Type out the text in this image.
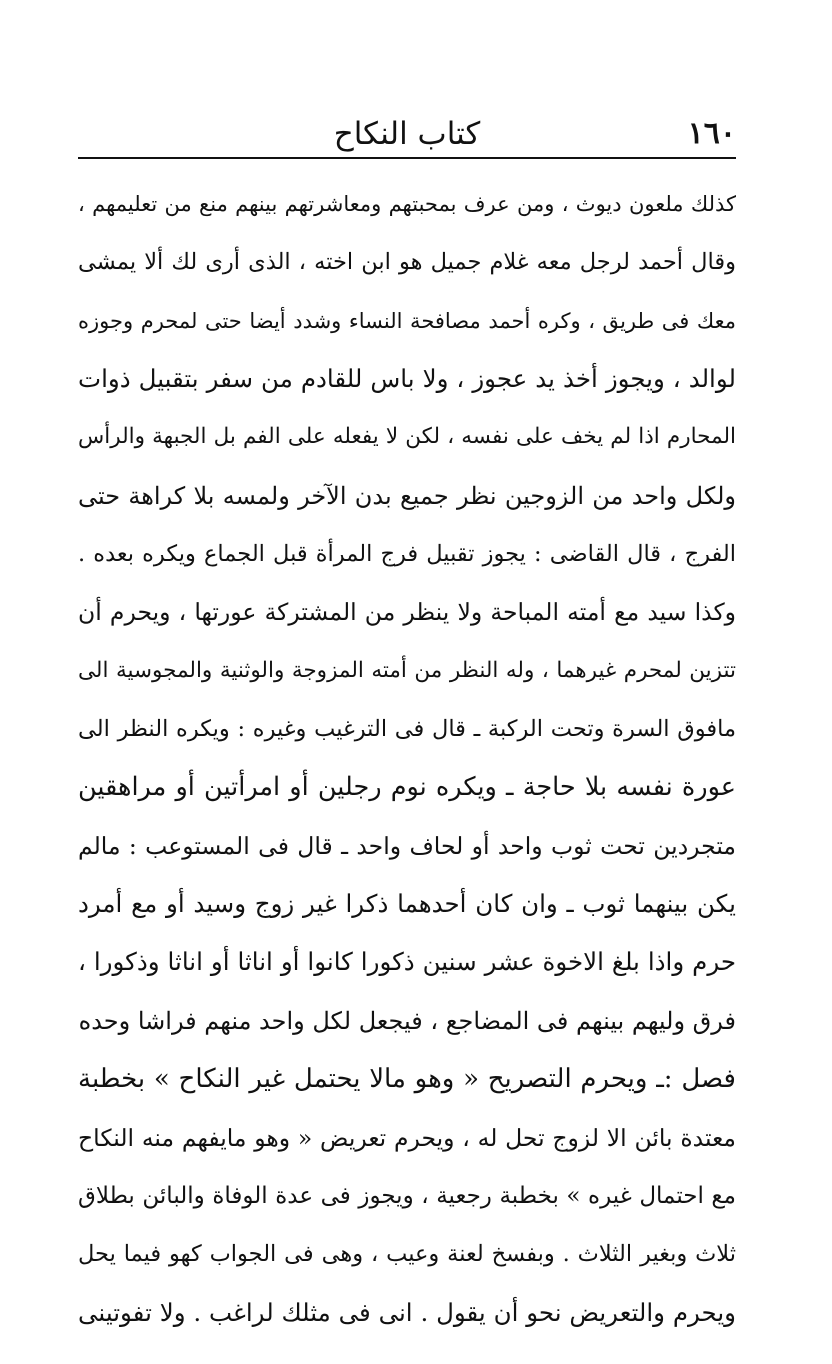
١٦٠
كتاب النكاح
كذلك ملعون ديوث ، ومن عرف بمحبتهم ومعاشرتهم بينهم منع من تعليمهم ،
وقال أحمد لرجل معه غلام جميل هو ابن اخته ، الذى أرى لك ألا يمشى
معك فى طريق ، وكره أحمد مصافحة النساء وشدد أيضا حتى لمحرم وجوزه
لوالد ، ويجوز أخذ يد عجوز ، ولا باس للقادم من سفر بتقبيل ذوات
المحارم اذا لم يخف على نفسه ، لكن لا يفعله على الفم بل الجبهة والرأس
ولكل واحد من الزوجين نظر جميع بدن الآخر ولمسه بلا كراهة حتى
الفرج ، قال القاضى : يجوز تقبيل فرج المرأة قبل الجماع ويكره بعده .
وكذا سيد مع أمته المباحة ولا ينظر من المشتركة عورتها ، ويحرم أن
تتزين لمحرم غيرهما ، وله النظر من أمته المزوجة والوثنية والمجوسية الى
مافوق السرة وتحت الركبة ـ قال فى الترغيب وغيره : ويكره النظر الى
عورة نفسه بلا حاجة ـ ويكره نوم رجلين أو امرأتين أو مراهقين
متجردين تحت ثوب واحد أو لحاف واحد ـ قال فى المستوعب : مالم
يكن بينهما ثوب ـ وان كان أحدهما ذكرا غير زوج وسيد أو مع أمرد
حرم واذا بلغ الاخوة عشر سنين ذكورا كانوا أو اناثا أو اناثا وذكورا ،
فرق وليهم بينهم فى المضاجع ، فيجعل لكل واحد منهم فراشا وحده
فصل :ـ ويحرم التصريح « وهو مالا يحتمل غير النكاح » بخطبة
معتدة بائن الا لزوج تحل له ، ويحرم تعريض « وهو مايفهم منه النكاح
مع احتمال غيره » بخطبة رجعية ، ويجوز فى عدة الوفاة والبائن بطلاق
ثلاث وبغير الثلاث . وبفسخ لعنة وعيب ، وهى فى الجواب كهو فيما يحل
ويحرم والتعريض نحو أن يقول . انى فى مثلك لراغب . ولا تفوتينى
